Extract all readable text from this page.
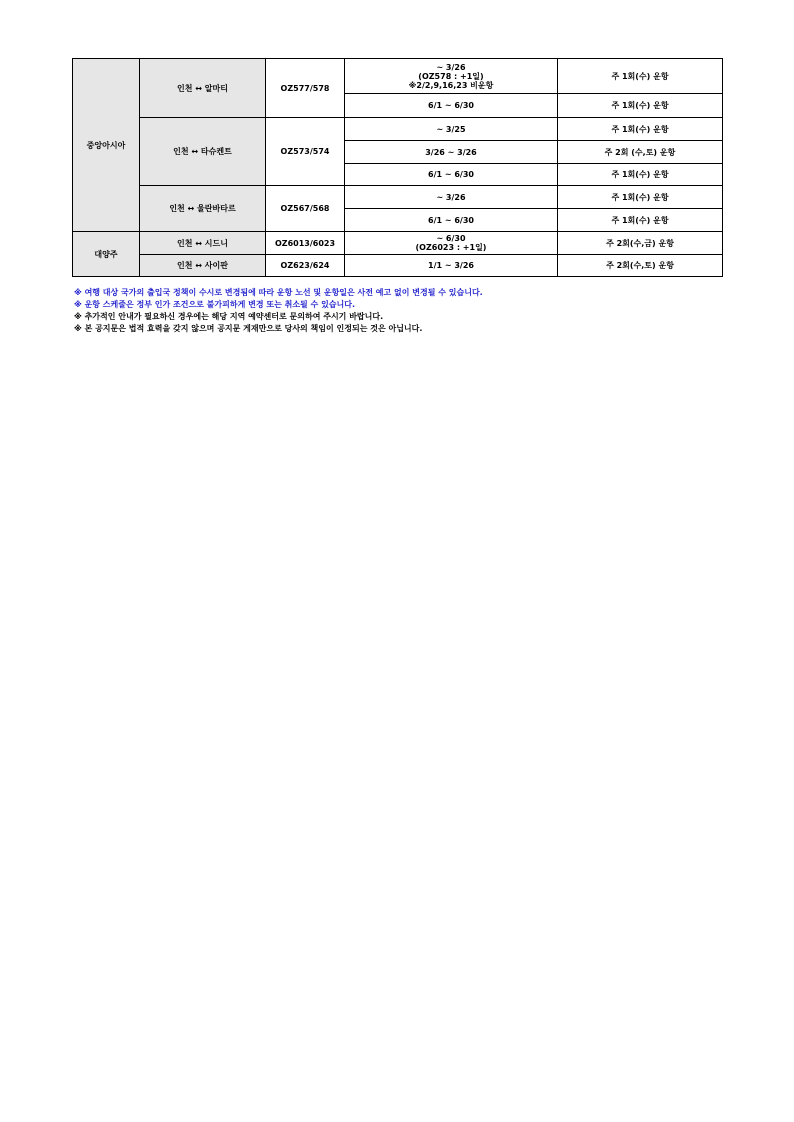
중앙아시아	인천 ↔ 알마티	OZ577/578	~ 3/26
(OZ578 : +1일)
※2/2,9,16,23 비운항	주 1회(수) 운항

			6/1 ~ 6/30	주 1회(수) 운항
	인천 ↔ 타슈켄트	OZ573/574	~ 3/25	주 1회(수) 운항

			3/26 ~ 3/26	주 2회 (수,토) 운항

			6/1 ~ 6/30	주 1회(수) 운항
	인천 ↔ 울란바타르	OZ567/568	~ 3/26	주 1회(수) 운항

			6/1 ~ 6/30	주 1회(수) 운항
대양주	인천 ↔ 시드니	OZ6013/6023	~ 6/30
(OZ6023 : +1일)	주 2회(수,금) 운항
	인천 ↔ 사이판	OZ623/624	1/1 ~ 3/26	주 2회(수,토) 운항
※ 여행 대상 국가의 출입국 정책이 수시로 변경됨에 따라 운항 노선 및 운항일은 사전 예고 없이 변경될 수 있습니다.
※ 운항 스케줄은 정부 인가 조건으로 불가피하게 변경 또는 취소될 수 있습니다.
※ 추가적인 안내가 필요하신 경우에는 해당 지역 예약센터로 문의하여 주시기 바랍니다.
※ 본 공지문은 법적 효력을 갖지 않으며 공지문 게재만으로 당사의 책임이 인정되는 것은 아닙니다.
